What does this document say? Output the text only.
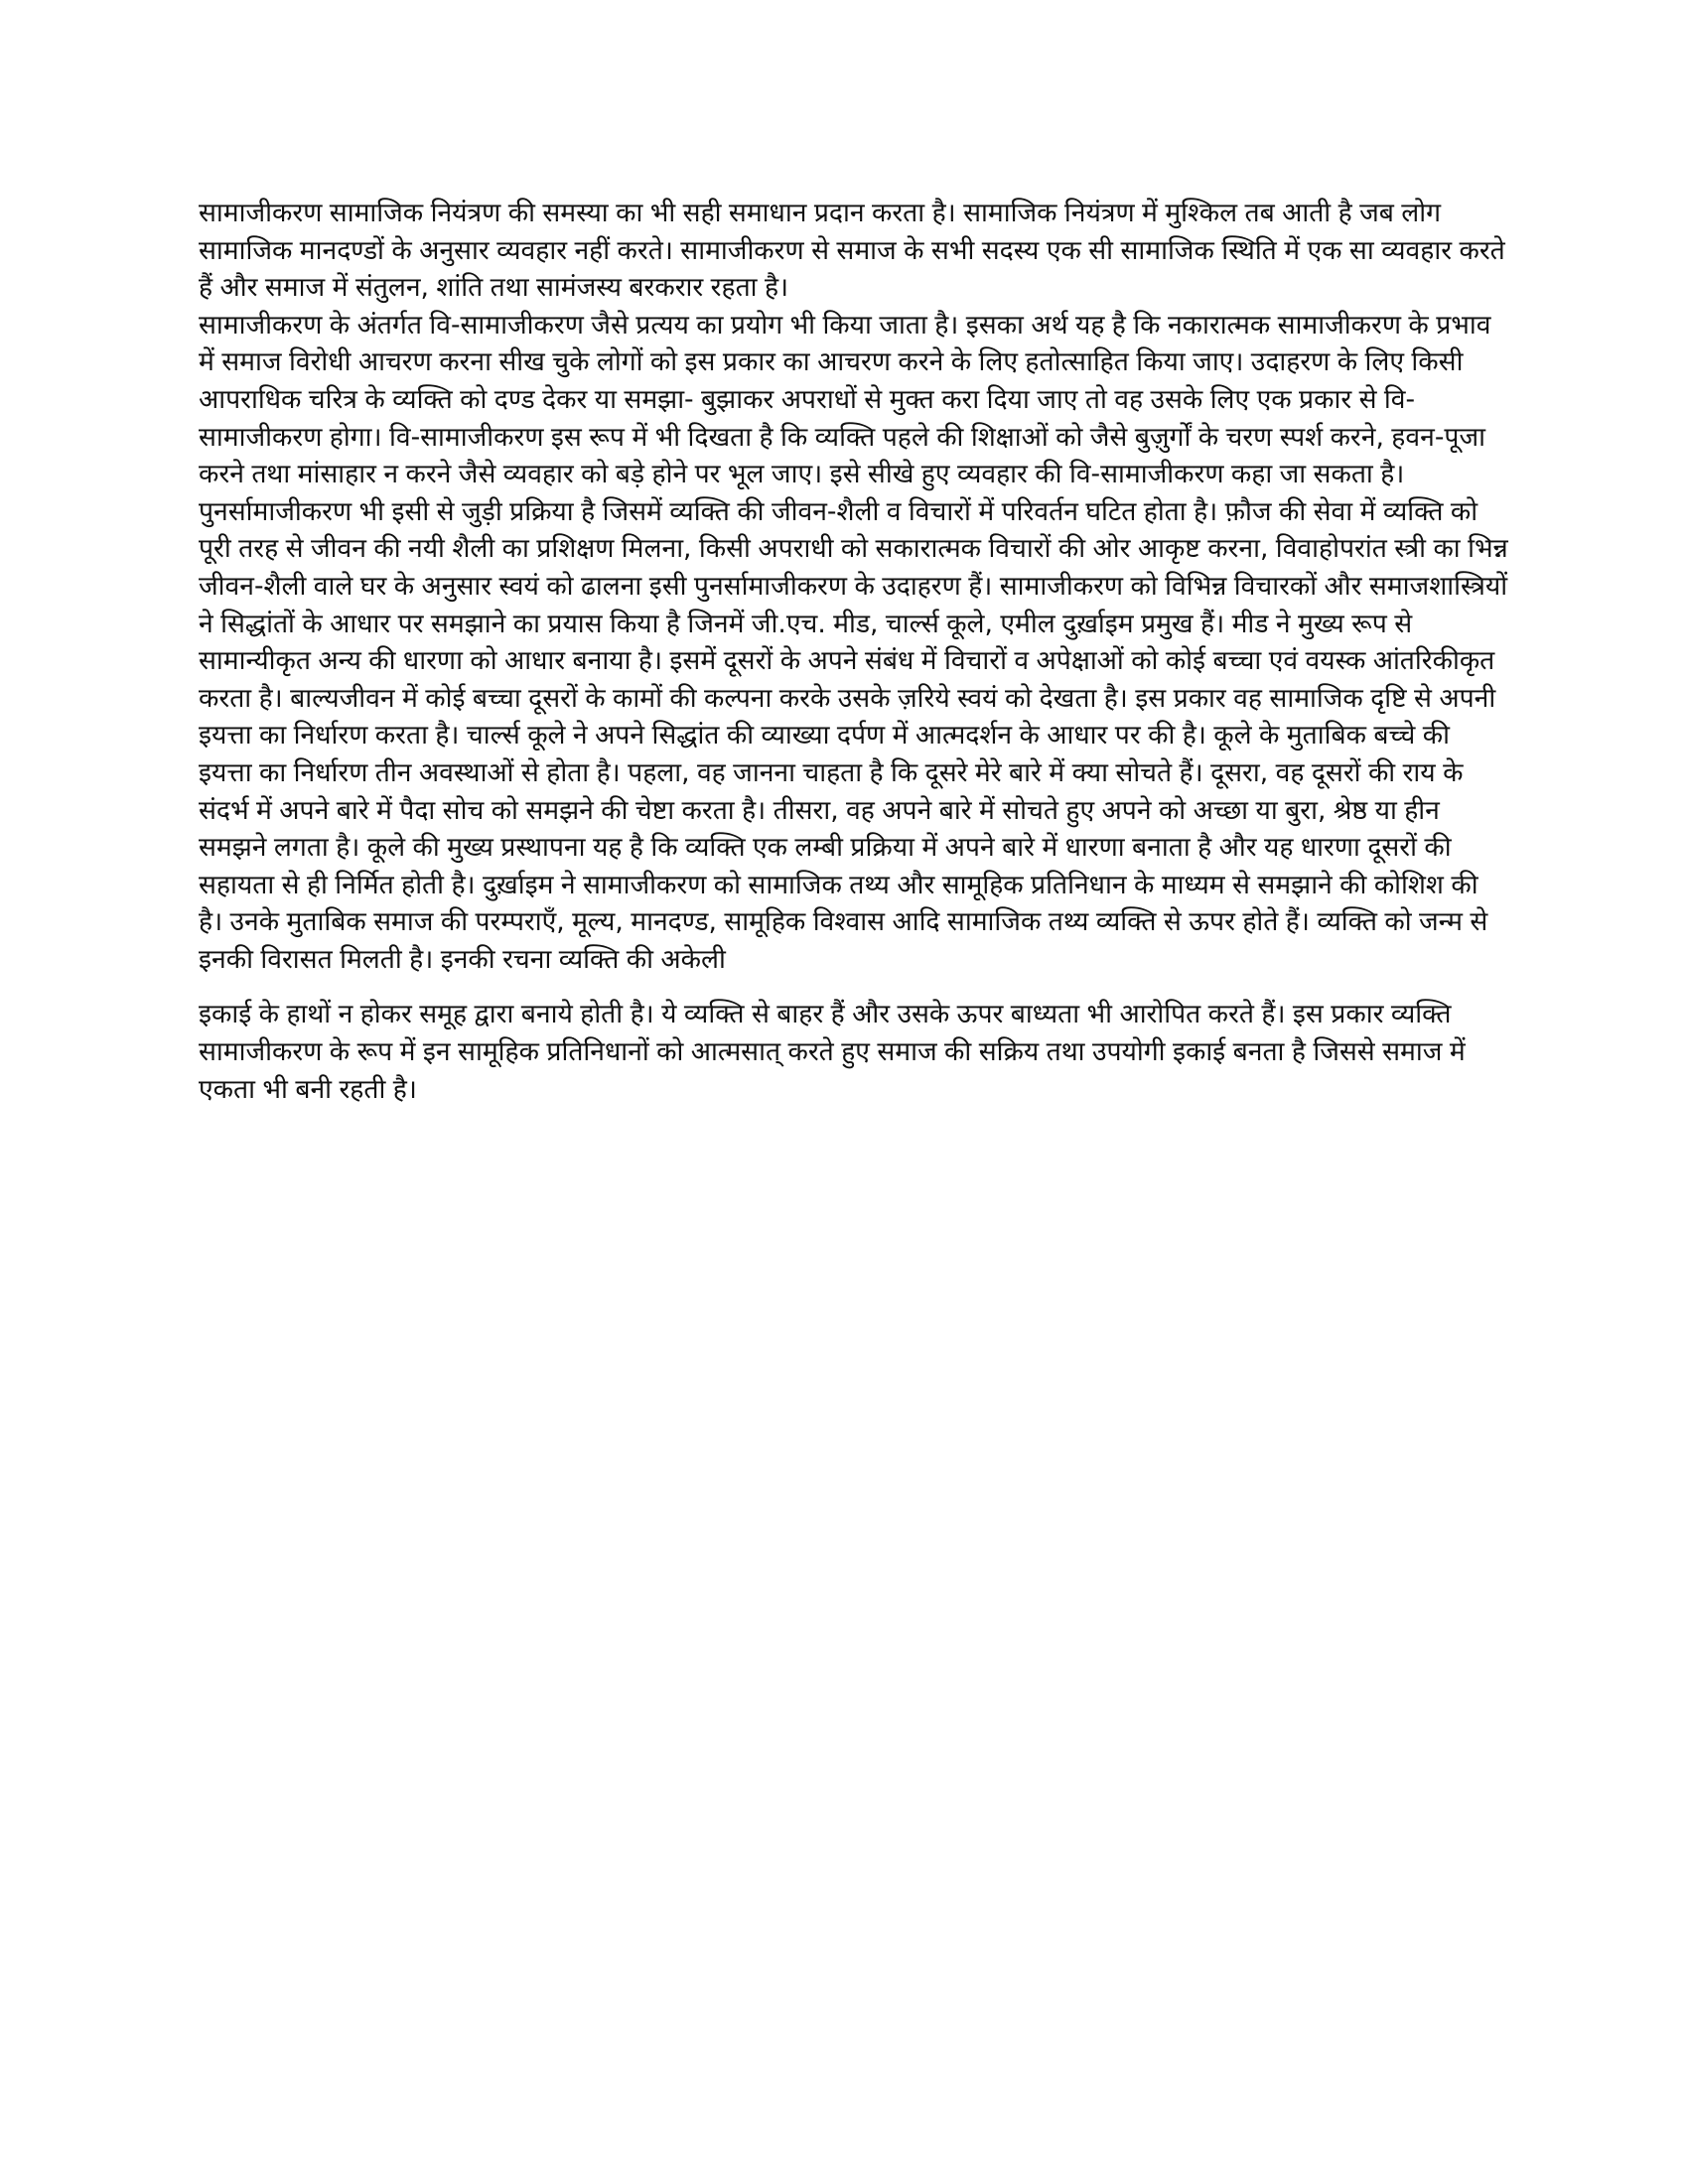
सामाजीकरण सामाजिक नियंत्रण की समस्या का भी सही समाधान प्रदान करता है। सामाजिक नियंत्रण में मुश्किल तब आती है जब लोग सामाजिक मानदण्डों के अनुसार व्यवहार नहीं करते। सामाजीकरण से समाज के सभी सदस्य एक सी सामाजिक स्थिति में एक सा व्यवहार करते हैं और समाज में संतुलन, शांति तथा सामंजस्य बरकरार रहता है।

सामाजीकरण के अंतर्गत वि-सामाजीकरण जैसे प्रत्यय का प्रयोग भी किया जाता है। इसका अर्थ यह है कि नकारात्मक सामाजीकरण के प्रभाव में समाज विरोधी आचरण करना सीख चुके लोगों को इस प्रकार का आचरण करने के लिए हतोत्साहित किया जाए। उदाहरण के लिए किसी आपराधिक चरित्र के व्यक्ति को दण्ड देकर या समझा- बुझाकर अपराधों से मुक्त करा दिया जाए तो वह उसके लिए एक प्रकार से वि-सामाजीकरण होगा। वि-सामाजीकरण इस रूप में भी दिखता है कि व्यक्ति पहले की शिक्षाओं को जैसे बुज़ुर्गों के चरण स्पर्श करने, हवन-पूजा करने तथा मांसाहार न करने जैसे व्यवहार को बड़े होने पर भूल जाए। इसे सीखे हुए व्यवहार की वि-सामाजीकरण कहा जा सकता है।

पुनर्सामाजीकरण भी इसी से जुड़ी प्रक्रिया है जिसमें व्यक्ति की जीवन-शैली व विचारों में परिवर्तन घटित होता है। फ़ौज की सेवा में व्यक्ति को पूरी तरह से जीवन की नयी शैली का प्रशिक्षण मिलना, किसी अपराधी को सकारात्मक विचारों की ओर आकृष्ट करना, विवाहोपरांत स्त्री का भिन्न जीवन-शैली वाले घर के अनुसार स्वयं को ढालना इसी पुनर्सामाजीकरण के उदाहरण हैं। सामाजीकरण को विभिन्न विचारकों और समाजशास्त्रियों ने सिद्धांतों के आधार पर समझाने का प्रयास किया है जिनमें जी.एच. मीड, चार्ल्स कूले, एमील दुर्ख़ाइम प्रमुख हैं। मीड ने मुख्य रूप से सामान्यीकृत अन्य की धारणा को आधार बनाया है। इसमें दूसरों के अपने संबंध में विचारों व अपेक्षाओं को कोई बच्चा एवं वयस्क आंतरिकीकृत करता है। बाल्यजीवन में कोई बच्चा दूसरों के कामों की कल्पना करके उसके ज़रिये स्वयं को देखता है। इस प्रकार वह सामाजिक दृष्टि से अपनी इयत्ता का निर्धारण करता है। चार्ल्स कूले ने अपने सिद्धांत की व्याख्या दर्पण में आत्मदर्शन के आधार पर की है। कूले के मुताबिक बच्चे की इयत्ता का निर्धारण तीन अवस्थाओं से होता है। पहला, वह जानना चाहता है कि दूसरे मेरे बारे में क्या सोचते हैं। दूसरा, वह दूसरों की राय के संदर्भ में अपने बारे में पैदा सोच को समझने की चेष्टा करता है। तीसरा, वह अपने बारे में सोचते हुए अपने को अच्छा या बुरा, श्रेष्ठ या हीन समझने लगता है। कूले की मुख्य प्रस्थापना यह है कि व्यक्ति एक लम्बी प्रक्रिया में अपने बारे में धारणा बनाता है और यह धारणा दूसरों की सहायता से ही निर्मित होती है। दुर्ख़ाइम ने सामाजीकरण को सामाजिक तथ्य और सामूहिक प्रतिनिधान के माध्यम से समझाने की कोशिश की है। उनके मुताबिक समाज की परम्पराएँ, मूल्य, मानदण्ड, सामूहिक विश्वास आदि सामाजिक तथ्य व्यक्ति से ऊपर होते हैं। व्यक्ति को जन्म से इनकी विरासत मिलती है। इनकी रचना व्यक्ति की अकेली

इकाई के हाथों न होकर समूह द्वारा बनाये होती है। ये व्यक्ति से बाहर हैं और उसके ऊपर बाध्यता भी आरोपित करते हैं। इस प्रकार व्यक्ति सामाजीकरण के रूप में इन सामूहिक प्रतिनिधानों को आत्मसात् करते हुए समाज की सक्रिय तथा उपयोगी इकाई बनता है जिससे समाज में एकता भी बनी रहती है।
